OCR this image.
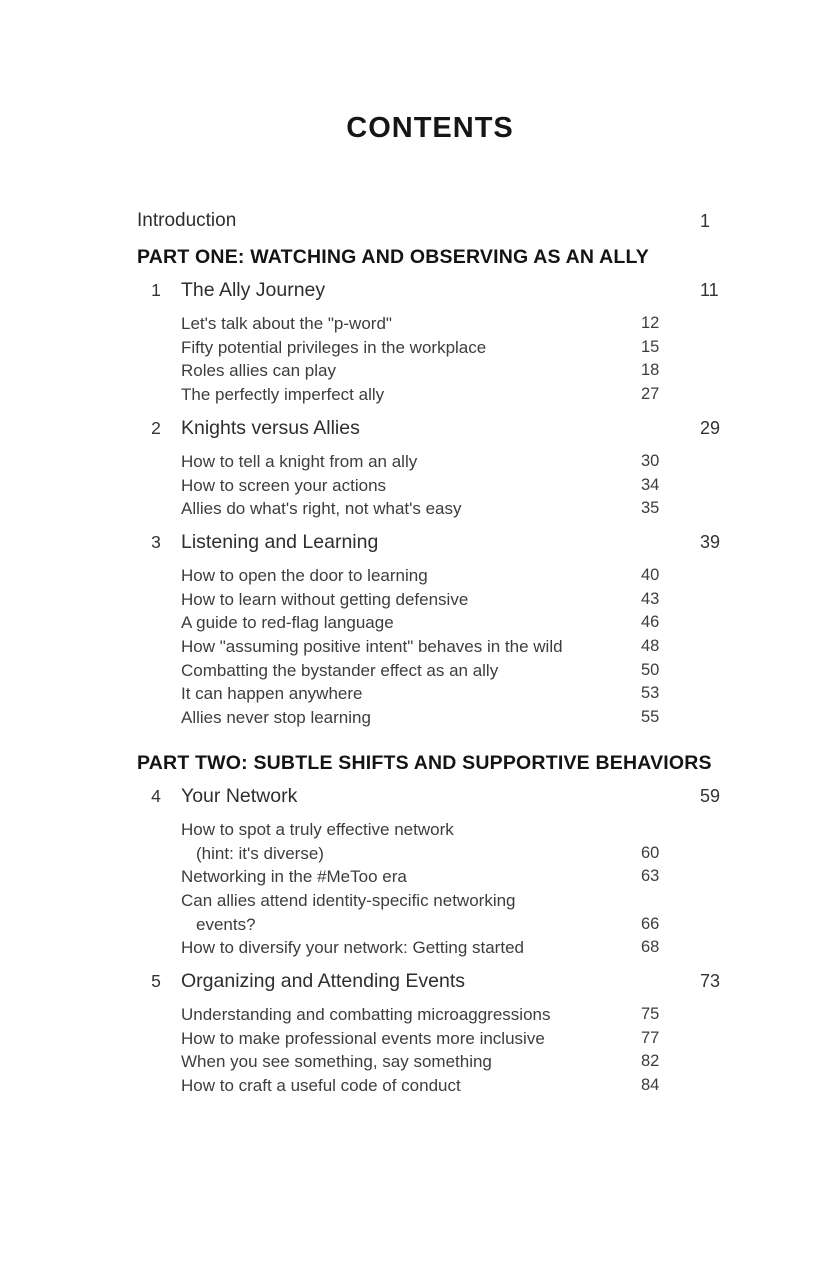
CONTENTS
Introduction	1
PART ONE: WATCHING AND OBSERVING AS AN ALLY
1	The Ally Journey	11
Let's talk about the "p-word"	12
Fifty potential privileges in the workplace	15
Roles allies can play	18
The perfectly imperfect ally	27
2	Knights versus Allies	29
How to tell a knight from an ally	30
How to screen your actions	34
Allies do what's right, not what's easy	35
3	Listening and Learning	39
How to open the door to learning	40
How to learn without getting defensive	43
A guide to red-flag language	46
How "assuming positive intent" behaves in the wild	48
Combatting the bystander effect as an ally	50
It can happen anywhere	53
Allies never stop learning	55
PART TWO: SUBTLE SHIFTS AND SUPPORTIVE BEHAVIORS
4	Your Network	59
How to spot a truly effective network
(hint: it's diverse)	60
Networking in the #MeToo era	63
Can allies attend identity-specific networking
events?	66
How to diversify your network: Getting started	68
5	Organizing and Attending Events	73
Understanding and combatting microaggressions	75
How to make professional events more inclusive	77
When you see something, say something	82
How to craft a useful code of conduct	84
